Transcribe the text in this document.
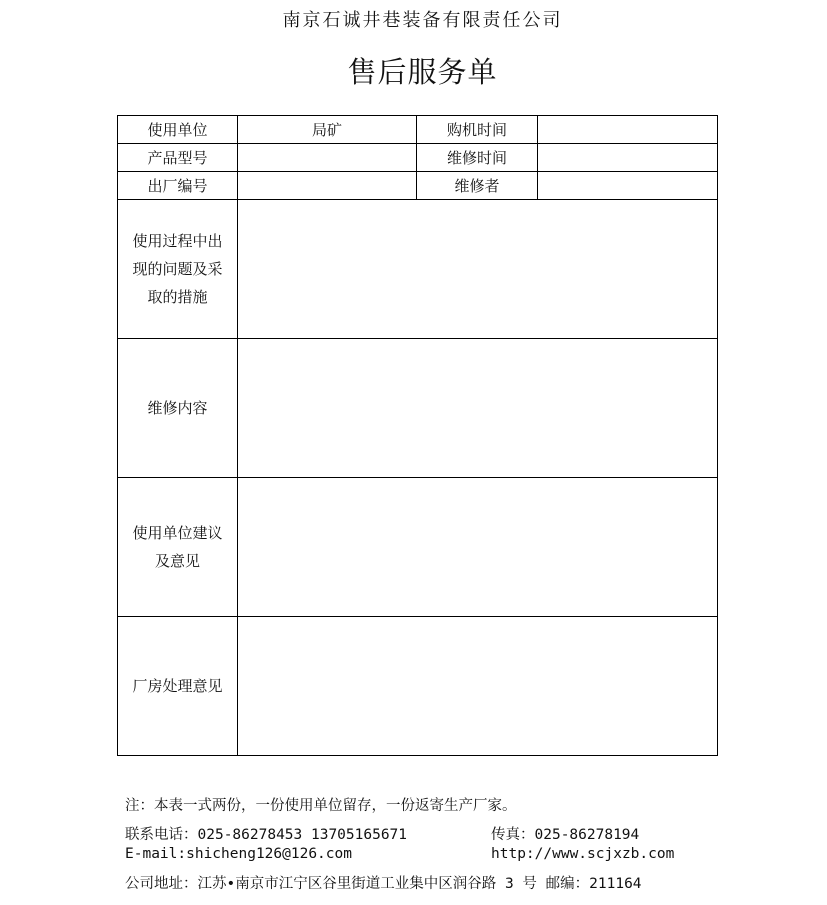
南京石诚井巷装备有限责任公司
售后服务单
使用单位	局矿	购机时间	
产品型号		维修时间	
出厂编号		维修者	
使用过程中出
现的问题及采
取的措施			
维修内容			
使用单位建议
及意见			
厂房处理意见			
注：本表一式两份，一份使用单位留存，一份返寄生产厂家。
联系电话：025-86278453 13705165671	传真：025-86278194
E-mail:shicheng126@126.com	http://www.scjxzb.com
公司地址：江苏•南京市江宁区谷里街道工业集中区润谷路 3 号 邮编：211164
